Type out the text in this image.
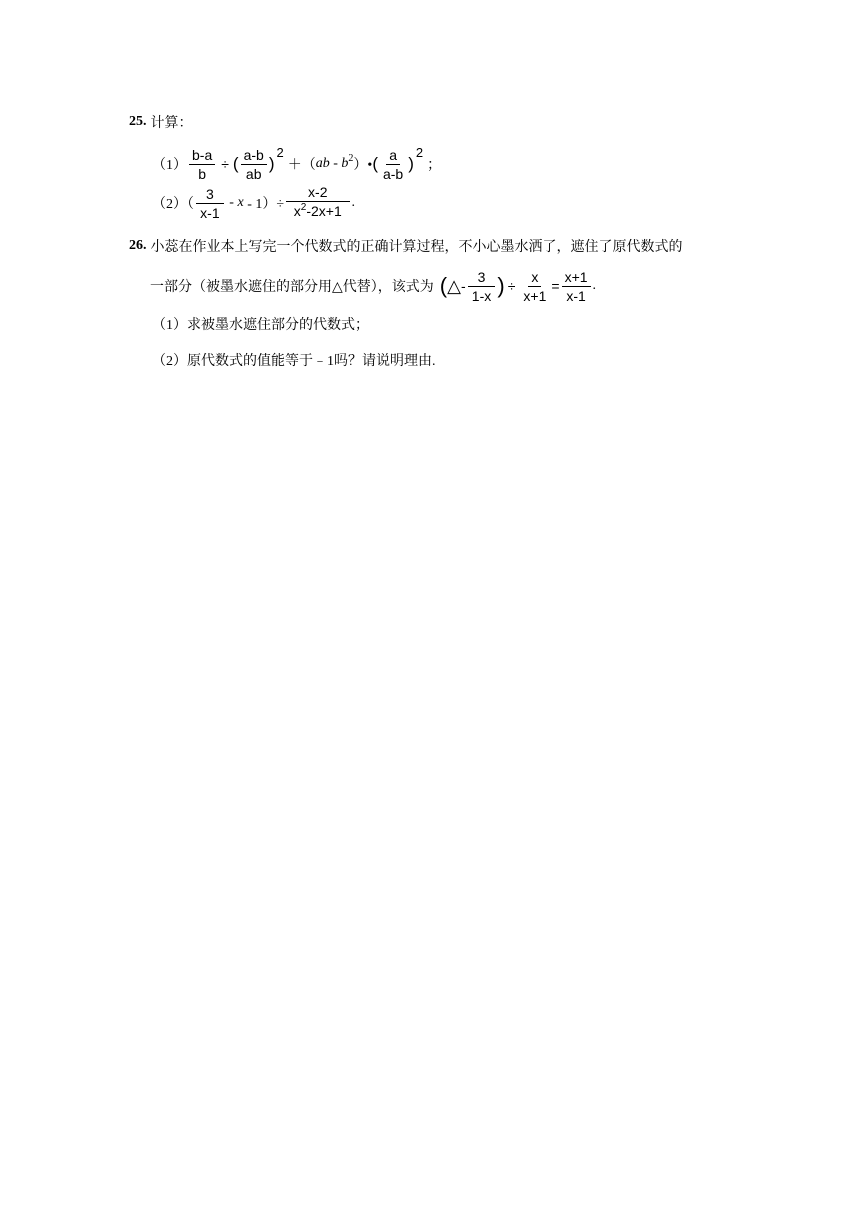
25. 计算：
$(1) \frac{b-a}{b}$ ÷ ( $\frac{a-b}{ab}$ )
2
＋（ ab - b 2 ）• ( $\frac{a}{a-b}$ )
2
；
$(2)( \frac{3}{x-1} - x - 1)\div \frac{x-2}{x^2-2x+1}$ .
26. 小蕊在作业本上写完一个代数式的正确计算过程，不小心墨水洒了，遮住了原代数式的
一部分（被墨水遮住的部分用△代替），该式为 ( △ - $\frac{3}{1-x}$ ) ÷ $\frac{x}{x+1} = \frac{x+1}{x-1}$ .
（1）求被墨水遮住部分的代数式；
（2）原代数式的值能等于﹣1吗？请说明理由.
